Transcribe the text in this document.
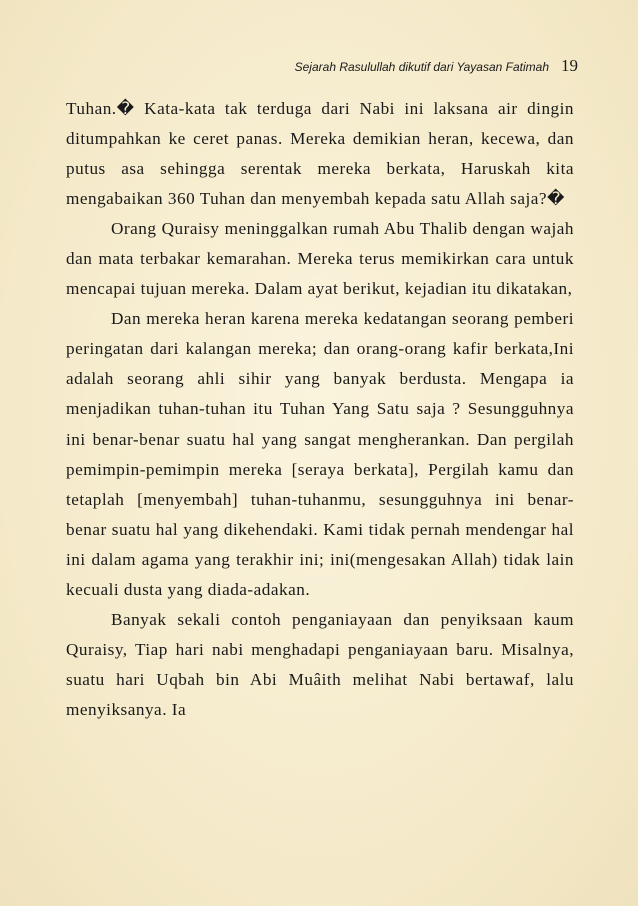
Sejarah Rasulullah dikutif dari Yayasan Fatimah 19

Tuhan.� Kata-kata tak terduga dari Nabi ini laksana air dingin ditumpahkan ke ceret panas. Mereka demikian heran, kecewa, dan putus asa sehingga serentak mereka berkata, Haruskah kita mengabaikan 360 Tuhan dan menyembah kepada satu Allah saja?�

Orang Quraisy meninggalkan rumah Abu Thalib dengan wajah dan mata terbakar kemarahan. Mereka terus memikirkan cara untuk mencapai tujuan mereka. Dalam ayat berikut, kejadian itu dikatakan,

Dan mereka heran karena mereka kedatangan seorang pemberi peringatan dari kalangan mereka; dan orang-orang kafir berkata,Ini adalah seorang ahli sihir yang banyak berdusta. Mengapa ia menjadikan tuhan-tuhan itu Tuhan Yang Satu saja ? Sesungguhnya ini benar-benar suatu hal yang sangat mengherankan. Dan pergilah pemimpin-pemimpin mereka [seraya berkata], Pergilah kamu dan tetaplah [menyembah] tuhan-tuhanmu, sesungguhnya ini benar-benar suatu hal yang dikehendaki. Kami tidak pernah mendengar hal ini dalam agama yang terakhir ini; ini(mengesakan Allah) tidak lain kecuali dusta yang diada-adakan.

Banyak sekali contoh penganiayaan dan penyiksaan kaum Quraisy, Tiap hari nabi menghadapi penganiayaan baru. Misalnya, suatu hari Uqbah bin Abi Muâith melihat Nabi bertawaf, lalu menyiksanya. Ia
